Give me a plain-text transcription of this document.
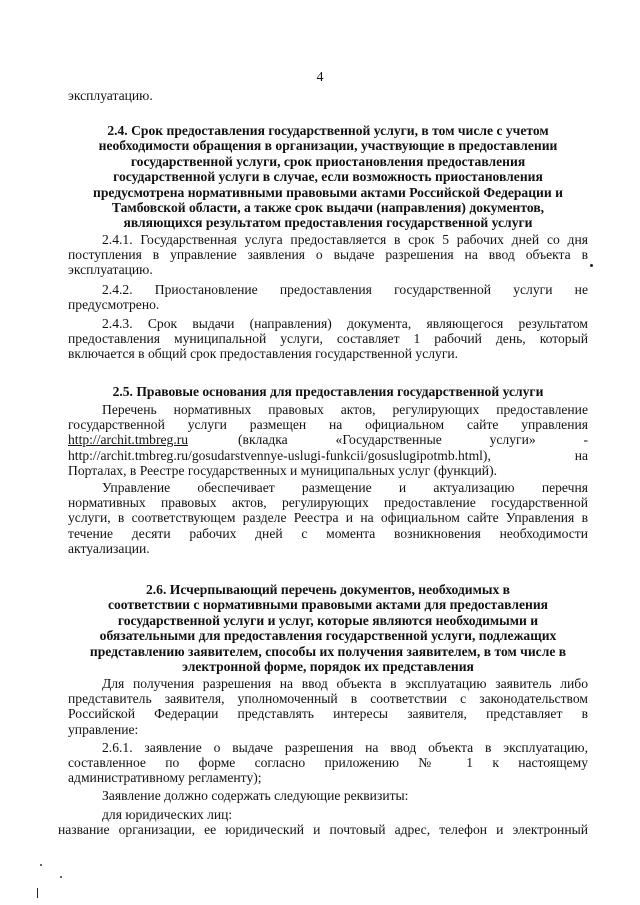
4
эксплуатацию.
2.4. Срок предоставления государственной услуги, в том числе с учетом
необходимости обращения в организации, участвующие в предоставлении
государственной услуги, срок приостановления предоставления
государственной услуги в случае, если возможность приостановления
предусмотрена нормативными правовыми актами Российской Федерации и
Тамбовской области, а также срок выдачи (направления) документов,
являющихся результатом предоставления государственной услуги
2.4.1. Государственная услуга предоставляется в срок 5 рабочих дней со дня
поступления в управление заявления о выдаче разрешения на ввод объекта в
эксплуатацию.
2.4.2. Приостановление предоставления государственной услуги не
предусмотрено.
2.4.3. Срок выдачи (направления) документа, являющегося результатом
предоставления муниципальной услуги, составляет 1 рабочий день, который
включается в общий срок предоставления государственной услуги.
2.5. Правовые основания для предоставления государственной услуги
Перечень нормативных правовых актов, регулирующих предоставление
государственной услуги размещен на официальном сайте управления
http://archit.tmbreg.ru	(вкладка «Государственные услуги» -
http://archit.tmbreg.ru/gosudarstvennye-uslugi-funkcii/gosuslugipotmb.html),	на
Порталах, в Реестре государственных и муниципальных услуг (функций).
Управление обеспечивает размещение и актуализацию перечня
нормативных правовых актов, регулирующих предоставление государственной
услуги, в соответствующем разделе Реестра и на официальном сайте Управления в
течение десяти рабочих дней с момента возникновения необходимости
актуализации.
2.6. Исчерпывающий перечень документов, необходимых в
соответствии с нормативными правовыми актами для предоставления
государственной услуги и услуг, которые являются необходимыми и
обязательными для предоставления государственной услуги, подлежащих
представлению заявителем, способы их получения заявителем, в том числе в
электронной форме, порядок их представления
Для получения разрешения на ввод объекта в эксплуатацию заявитель либо
представитель заявителя, уполномоченный в соответствии с законодательством
Российской Федерации представлять интересы заявителя, представляет в
управление:
2.6.1. заявление о выдаче разрешения на ввод объекта в эксплуатацию,
составленное по форме согласно приложению № 1 к настоящему
административному регламенту);
Заявление должно содержать следующие реквизиты:
для юридических лиц:
название организации, ее юридический и почтовый адрес, телефон и электронный
